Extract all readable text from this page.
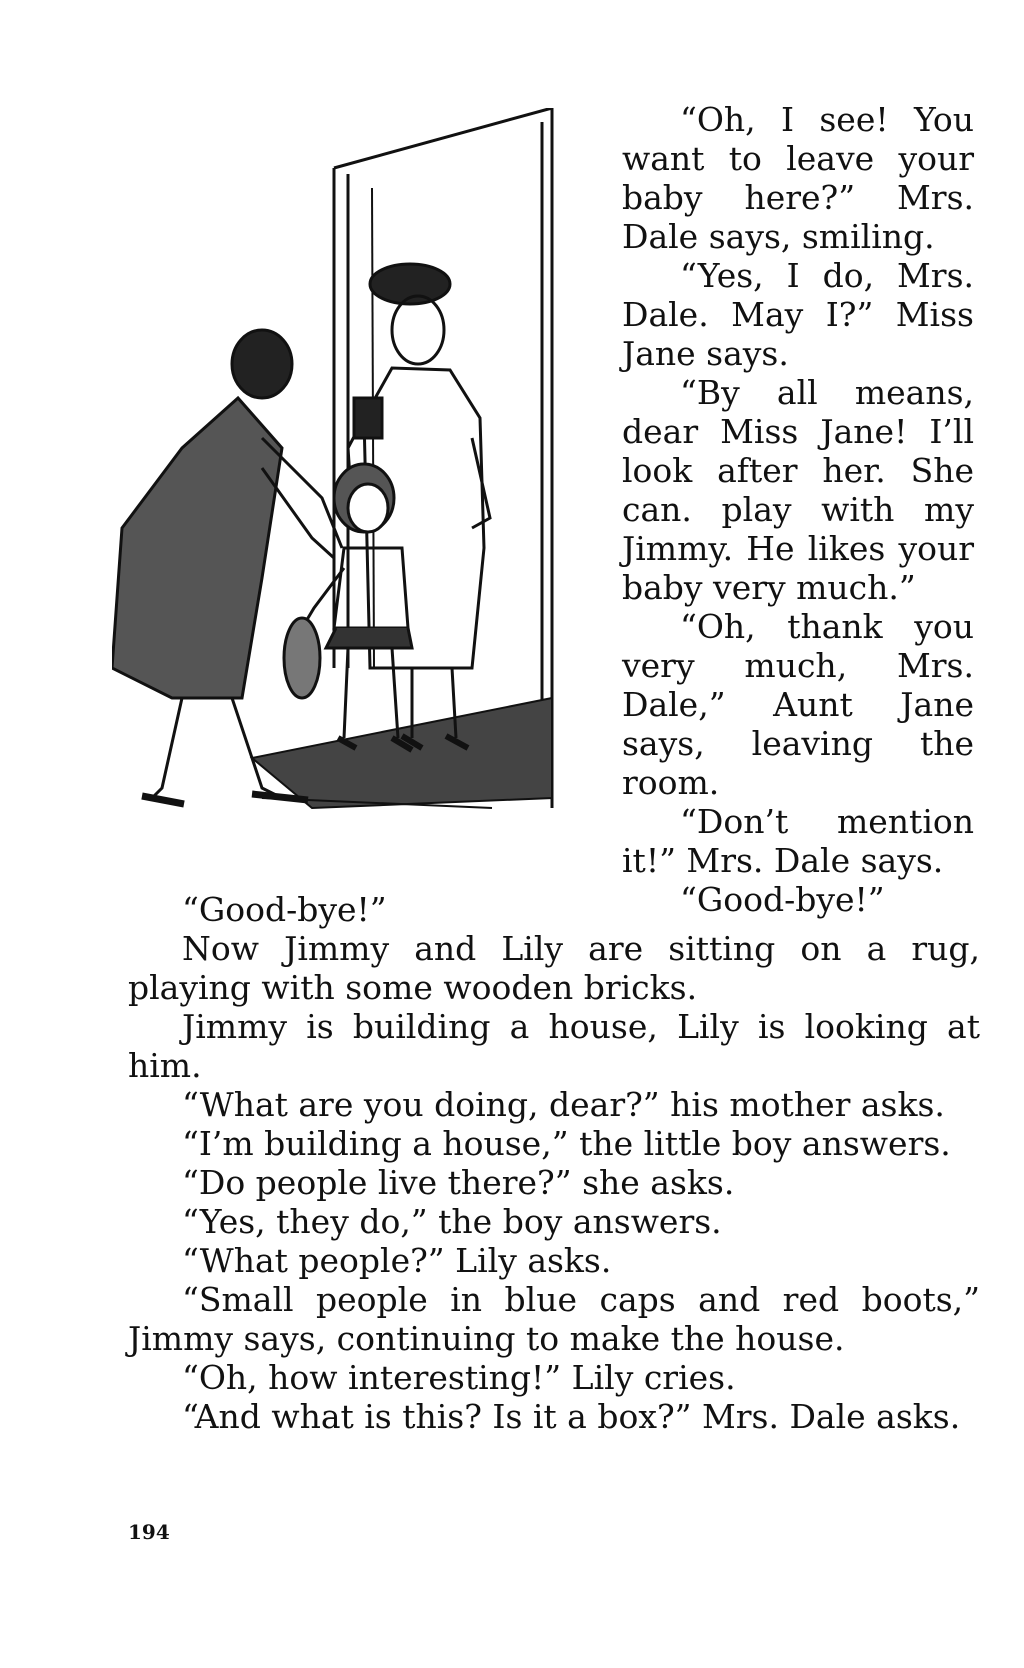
“Oh, I see! You want to leave your baby here?” Mrs. Dale says, smiling.

“Yes, I do, Mrs. Dale. May I?” Miss Jane says.

“By all means, dear Miss Jane! I’ll look after her. She can. play with my Jimmy. He likes your baby very much.”

“Oh, thank you very much, Mrs. Dale,” Aunt Jane says, leaving the room.

“Don’t mention it!” Mrs. Dale says.

“Good-bye!”

“Good-bye!”

Now Jimmy and Lily are sitting on a rug, playing with some wooden bricks.

Jimmy is building a house, Lily is looking at him.

“What are you doing, dear?” his mother asks.

“I’m building a house,” the little boy answers.

“Do people live there?” she asks.

“Yes, they do,” the boy answers.

“What people?” Lily asks.

“Small people in blue caps and red boots,” Jimmy says, continuing to make the house.

“Oh, how interesting!” Lily cries.

“And what is this? Is it a box?” Mrs. Dale asks.

194
